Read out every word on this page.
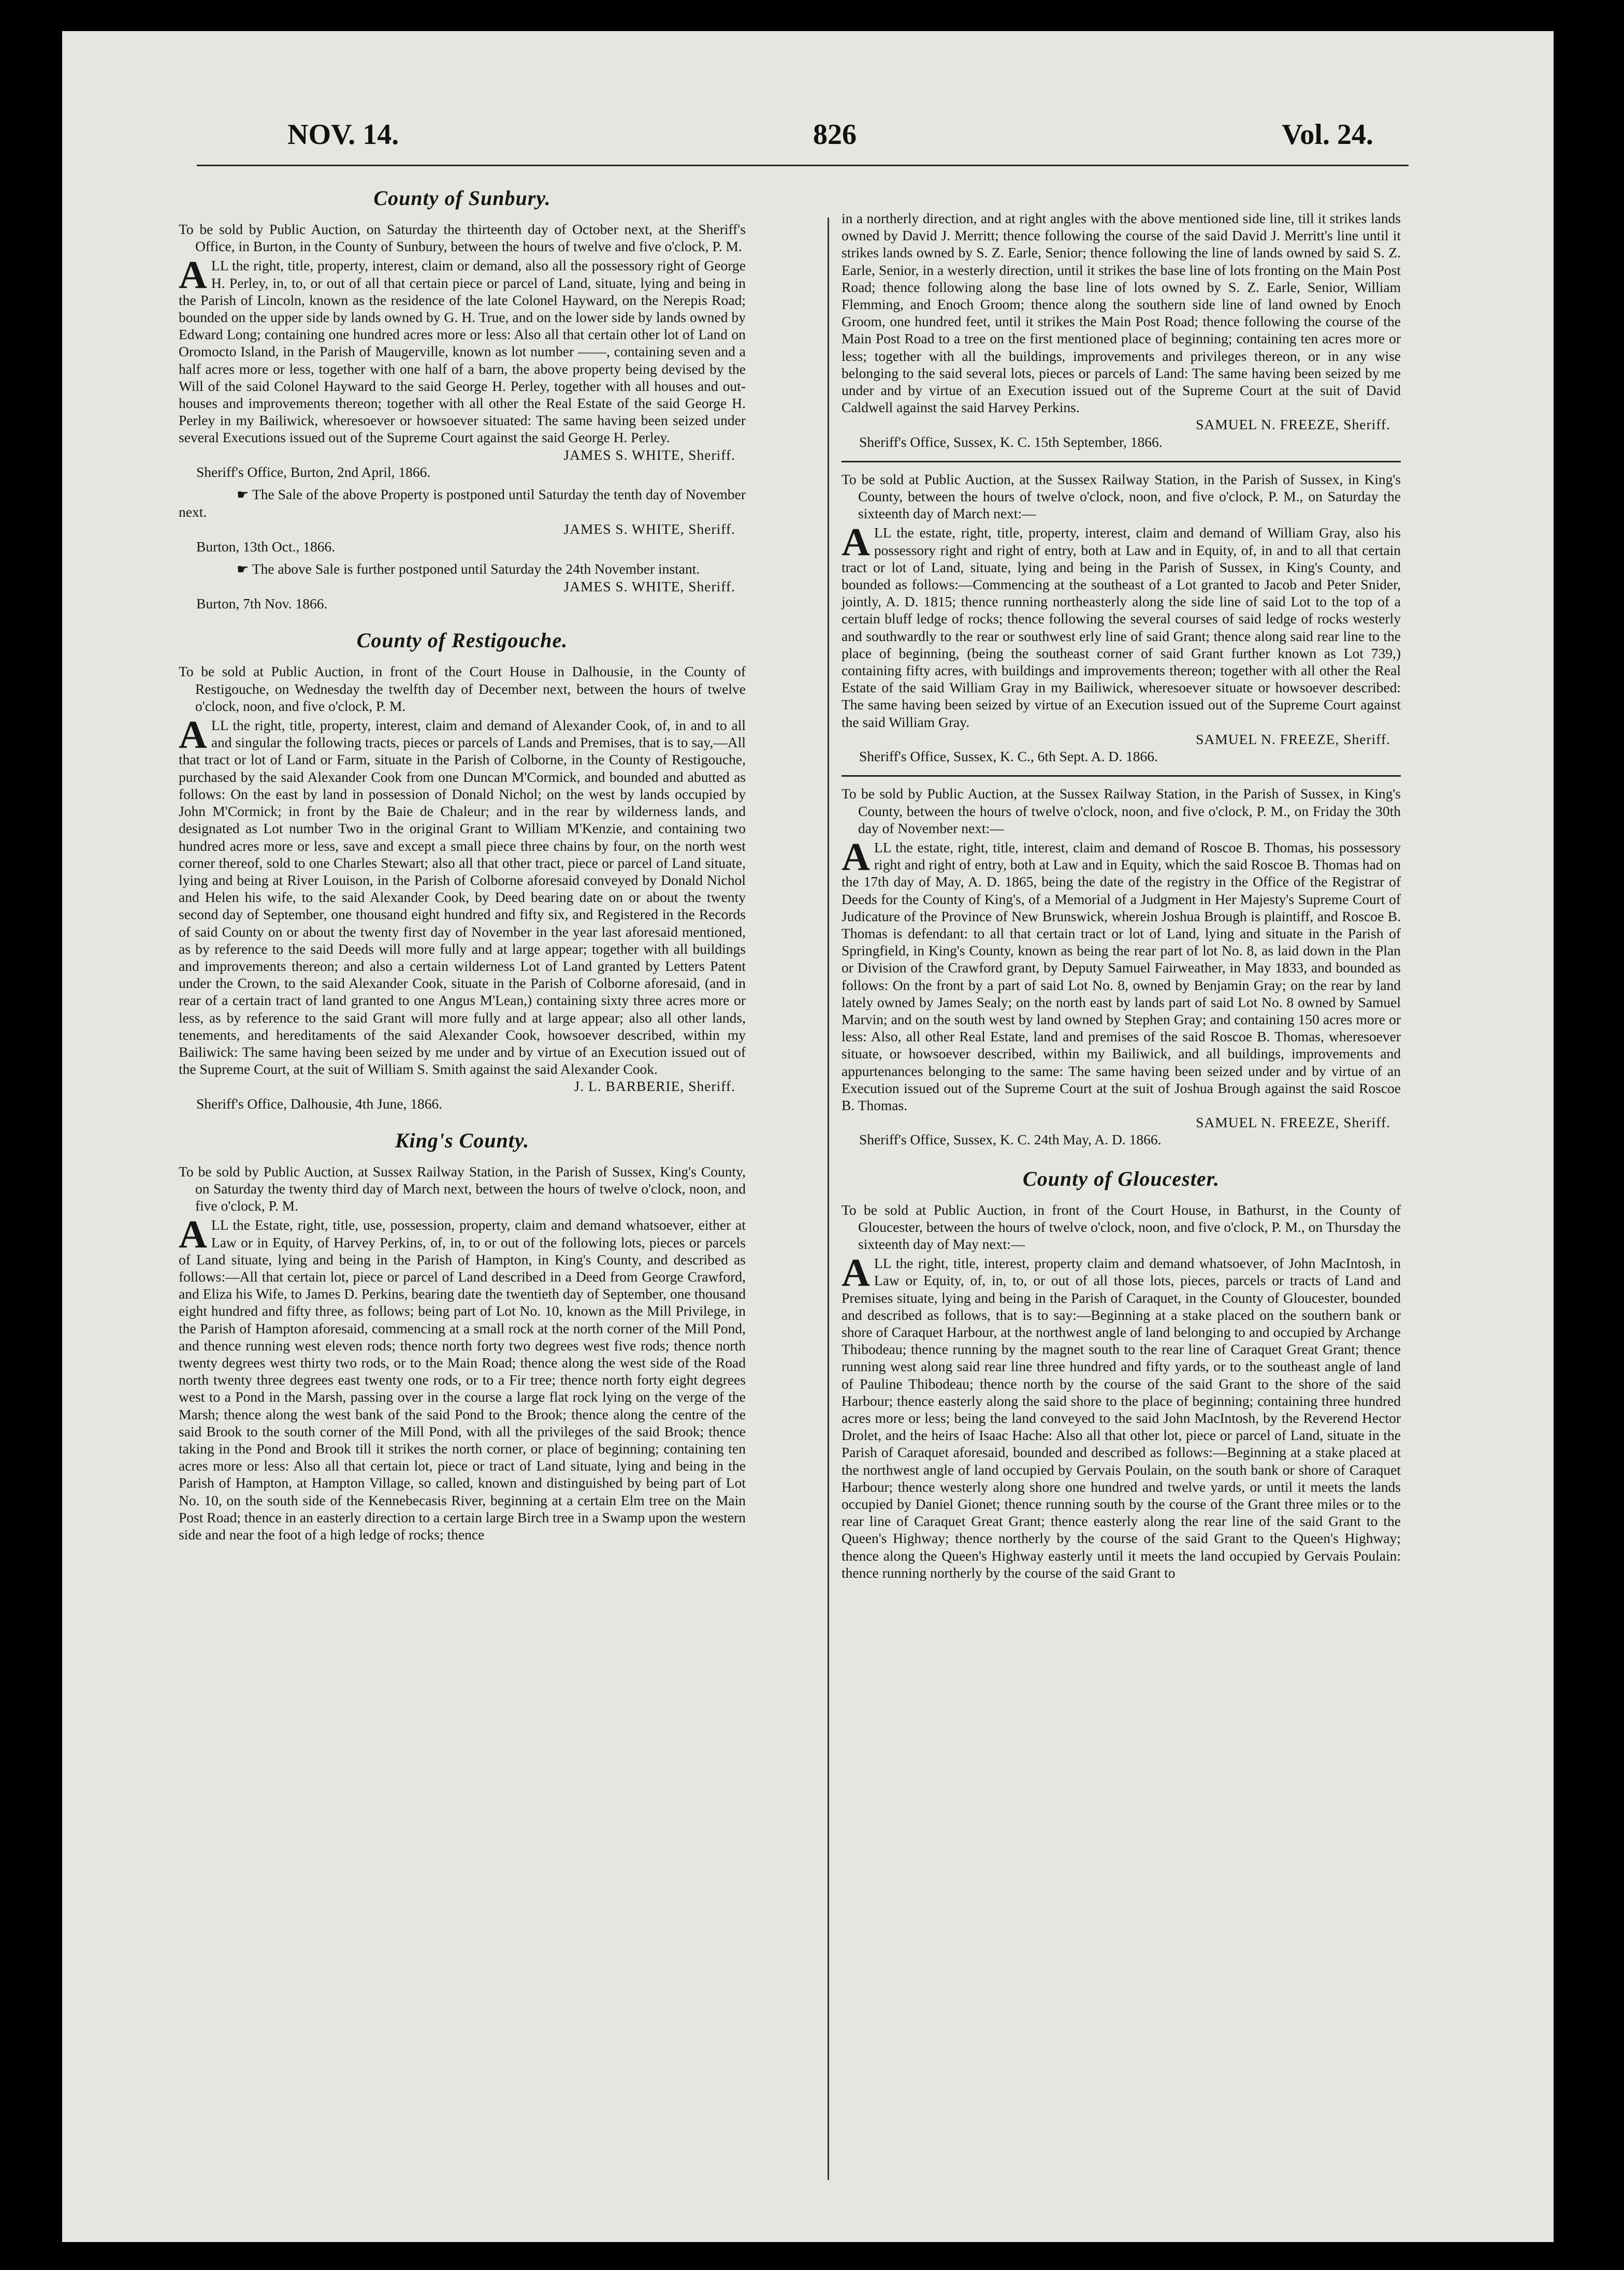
NOV. 14.	826	Vol. 24.
County of Sunbury.

To be sold by Public Auction, on Saturday the thirteenth day of October next, at the Sheriff's Office, in Burton, in the County of Sunbury, between the hours of twelve and five o'clock, P. M.

ALL the right, title, property, interest, claim or demand, also all the possessory right of George H. Perley, in, to, or out of all that certain piece or parcel of Land, situate, lying and being in the Parish of Lincoln, known as the residence of the late Colonel Hayward, on the Nerepis Road; bounded on the upper side by lands owned by G. H. True, and on the lower side by lands owned by Edward Long; containing one hundred acres more or less: Also all that certain other lot of Land on Oromocto Island, in the Parish of Maugerville, known as lot number ——, containing seven and a half acres more or less, together with one half of a barn, the above property being devised by the Will of the said Colonel Hayward to the said George H. Perley, together with all houses and out-houses and improvements thereon; together with all other the Real Estate of the said George H. Perley in my Bailiwick, wheresoever or howsoever situated: The same having been seized under several Executions issued out of the Supreme Court against the said George H. Perley.

JAMES S. WHITE, Sheriff.

Sheriff's Office, Burton, 2nd April, 1866.

☛ The Sale of the above Property is postponed until Saturday the tenth day of November next.

JAMES S. WHITE, Sheriff.

Burton, 13th Oct., 1866.

☛ The above Sale is further postponed until Saturday the 24th November instant.

JAMES S. WHITE, Sheriff.

Burton, 7th Nov. 1866.

County of Restigouche.

To be sold at Public Auction, in front of the Court House in Dalhousie, in the County of Restigouche, on Wednesday the twelfth day of December next, between the hours of twelve o'clock, noon, and five o'clock, P. M.

ALL the right, title, property, interest, claim and demand of Alexander Cook, of, in and to all and singular the following tracts, pieces or parcels of Lands and Premises, that is to say,—All that tract or lot of Land or Farm, situate in the Parish of Colborne, in the County of Restigouche, purchased by the said Alexander Cook from one Duncan M'Cormick, and bounded and abutted as follows: On the east by land in possession of Donald Nichol; on the west by lands occupied by John M'Cormick; in front by the Baie de Chaleur; and in the rear by wilderness lands, and designated as Lot number Two in the original Grant to William M'Kenzie, and containing two hundred acres more or less, save and except a small piece three chains by four, on the north west corner thereof, sold to one Charles Stewart; also all that other tract, piece or parcel of Land situate, lying and being at River Louison, in the Parish of Colborne aforesaid conveyed by Donald Nichol and Helen his wife, to the said Alexander Cook, by Deed bearing date on or about the twenty second day of September, one thousand eight hundred and fifty six, and Registered in the Records of said County on or about the twenty first day of November in the year last aforesaid mentioned, as by reference to the said Deeds will more fully and at large appear; together with all buildings and improvements thereon; and also a certain wilderness Lot of Land granted by Letters Patent under the Crown, to the said Alexander Cook, situate in the Parish of Colborne aforesaid, (and in rear of a certain tract of land granted to one Angus M'Lean,) containing sixty three acres more or less, as by reference to the said Grant will more fully and at large appear; also all other lands, tenements, and hereditaments of the said Alexander Cook, howsoever described, within my Bailiwick: The same having been seized by me under and by virtue of an Execution issued out of the Supreme Court, at the suit of William S. Smith against the said Alexander Cook.

J. L. BARBERIE, Sheriff.

Sheriff's Office, Dalhousie, 4th June, 1866.

King's County.

To be sold by Public Auction, at Sussex Railway Station, in the Parish of Sussex, King's County, on Saturday the twenty third day of March next, between the hours of twelve o'clock, noon, and five o'clock, P. M.

ALL the Estate, right, title, use, possession, property, claim and demand whatsoever, either at Law or in Equity, of Harvey Perkins, of, in, to or out of the following lots, pieces or parcels of Land situate, lying and being in the Parish of Hampton, in King's County, and described as follows:—All that certain lot, piece or parcel of Land described in a Deed from George Crawford, and Eliza his Wife, to James D. Perkins, bearing date the twentieth day of September, one thousand eight hundred and fifty three, as follows; being part of Lot No. 10, known as the Mill Privilege, in the Parish of Hampton aforesaid, commencing at a small rock at the north corner of the Mill Pond, and thence running west eleven rods; thence north forty two degrees west five rods; thence north twenty degrees west thirty two rods, or to the Main Road; thence along the west side of the Road north twenty three degrees east twenty one rods, or to a Fir tree; thence north forty eight degrees west to a Pond in the Marsh, passing over in the course a large flat rock lying on the verge of the Marsh; thence along the west bank of the said Pond to the Brook; thence along the centre of the said Brook to the south corner of the Mill Pond, with all the privileges of the said Brook; thence taking in the Pond and Brook till it strikes the north corner, or place of beginning; containing ten acres more or less: Also all that certain lot, piece or tract of Land situate, lying and being in the Parish of Hampton, at Hampton Village, so called, known and distinguished by being part of Lot No. 10, on the south side of the Kennebecasis River, beginning at a certain Elm tree on the Main Post Road; thence in an easterly direction to a certain large Birch tree in a Swamp upon the western side and near the foot of a high ledge of rocks; thence

in a northerly direction, and at right angles with the above mentioned side line, till it strikes lands owned by David J. Merritt; thence following the course of the said David J. Merritt's line until it strikes lands owned by S. Z. Earle, Senior; thence following the line of lands owned by said S. Z. Earle, Senior, in a westerly direction, until it strikes the base line of lots fronting on the Main Post Road; thence following along the base line of lots owned by S. Z. Earle, Senior, William Flemming, and Enoch Groom; thence along the southern side line of land owned by Enoch Groom, one hundred feet, until it strikes the Main Post Road; thence following the course of the Main Post Road to a tree on the first mentioned place of beginning; containing ten acres more or less; together with all the buildings, improvements and privileges thereon, or in any wise belonging to the said several lots, pieces or parcels of Land: The same having been seized by me under and by virtue of an Execution issued out of the Supreme Court at the suit of David Caldwell against the said Harvey Perkins.

SAMUEL N. FREEZE, Sheriff.

Sheriff's Office, Sussex, K. C. 15th September, 1866.

To be sold at Public Auction, at the Sussex Railway Station, in the Parish of Sussex, in King's County, between the hours of twelve o'clock, noon, and five o'clock, P. M., on Saturday the sixteenth day of March next:—

ALL the estate, right, title, property, interest, claim and demand of William Gray, also his possessory right and right of entry, both at Law and in Equity, of, in and to all that certain tract or lot of Land, situate, lying and being in the Parish of Sussex, in King's County, and bounded as follows:—Commencing at the southeast of a Lot granted to Jacob and Peter Snider, jointly, A. D. 1815; thence running northeasterly along the side line of said Lot to the top of a certain bluff ledge of rocks; thence following the several courses of said ledge of rocks westerly and southwardly to the rear or southwest erly line of said Grant; thence along said rear line to the place of beginning, (being the southeast corner of said Grant further known as Lot 739,) containing fifty acres, with buildings and improvements thereon; together with all other the Real Estate of the said William Gray in my Bailiwick, wheresoever situate or howsoever described: The same having been seized by virtue of an Execution issued out of the Supreme Court against the said William Gray.

SAMUEL N. FREEZE, Sheriff.

Sheriff's Office, Sussex, K. C., 6th Sept. A. D. 1866.

To be sold by Public Auction, at the Sussex Railway Station, in the Parish of Sussex, in King's County, between the hours of twelve o'clock, noon, and five o'clock, P. M., on Friday the 30th day of November next:—

ALL the estate, right, title, interest, claim and demand of Roscoe B. Thomas, his possessory right and right of entry, both at Law and in Equity, which the said Roscoe B. Thomas had on the 17th day of May, A. D. 1865, being the date of the registry in the Office of the Registrar of Deeds for the County of King's, of a Memorial of a Judgment in Her Majesty's Supreme Court of Judicature of the Province of New Brunswick, wherein Joshua Brough is plaintiff, and Roscoe B. Thomas is defendant: to all that certain tract or lot of Land, lying and situate in the Parish of Springfield, in King's County, known as being the rear part of lot No. 8, as laid down in the Plan or Division of the Crawford grant, by Deputy Samuel Fairweather, in May 1833, and bounded as follows: On the front by a part of said Lot No. 8, owned by Benjamin Gray; on the rear by land lately owned by James Sealy; on the north east by lands part of said Lot No. 8 owned by Samuel Marvin; and on the south west by land owned by Stephen Gray; and containing 150 acres more or less: Also, all other Real Estate, land and premises of the said Roscoe B. Thomas, wheresoever situate, or howsoever described, within my Bailiwick, and all buildings, improvements and appurtenances belonging to the same: The same having been seized under and by virtue of an Execution issued out of the Supreme Court at the suit of Joshua Brough against the said Roscoe B. Thomas.

SAMUEL N. FREEZE, Sheriff.

Sheriff's Office, Sussex, K. C. 24th May, A. D. 1866.

County of Gloucester.

To be sold at Public Auction, in front of the Court House, in Bathurst, in the County of Gloucester, between the hours of twelve o'clock, noon, and five o'clock, P. M., on Thursday the sixteenth day of May next:—

ALL the right, title, interest, property claim and demand whatsoever, of John MacIntosh, in Law or Equity, of, in, to, or out of all those lots, pieces, parcels or tracts of Land and Premises situate, lying and being in the Parish of Caraquet, in the County of Gloucester, bounded and described as follows, that is to say:—Beginning at a stake placed on the southern bank or shore of Caraquet Harbour, at the northwest angle of land belonging to and occupied by Archange Thibodeau; thence running by the magnet south to the rear line of Caraquet Great Grant; thence running west along said rear line three hundred and fifty yards, or to the southeast angle of land of Pauline Thibodeau; thence north by the course of the said Grant to the shore of the said Harbour; thence easterly along the said shore to the place of beginning; containing three hundred acres more or less; being the land conveyed to the said John MacIntosh, by the Reverend Hector Drolet, and the heirs of Isaac Hache: Also all that other lot, piece or parcel of Land, situate in the Parish of Caraquet aforesaid, bounded and described as follows:—Beginning at a stake placed at the northwest angle of land occupied by Gervais Poulain, on the south bank or shore of Caraquet Harbour; thence westerly along shore one hundred and twelve yards, or until it meets the lands occupied by Daniel Gionet; thence running south by the course of the Grant three miles or to the rear line of Caraquet Great Grant; thence easterly along the rear line of the said Grant to the Queen's Highway; thence northerly by the course of the said Grant to the Queen's Highway; thence along the Queen's Highway easterly until it meets the land occupied by Gervais Poulain: thence running northerly by the course of the said Grant to
